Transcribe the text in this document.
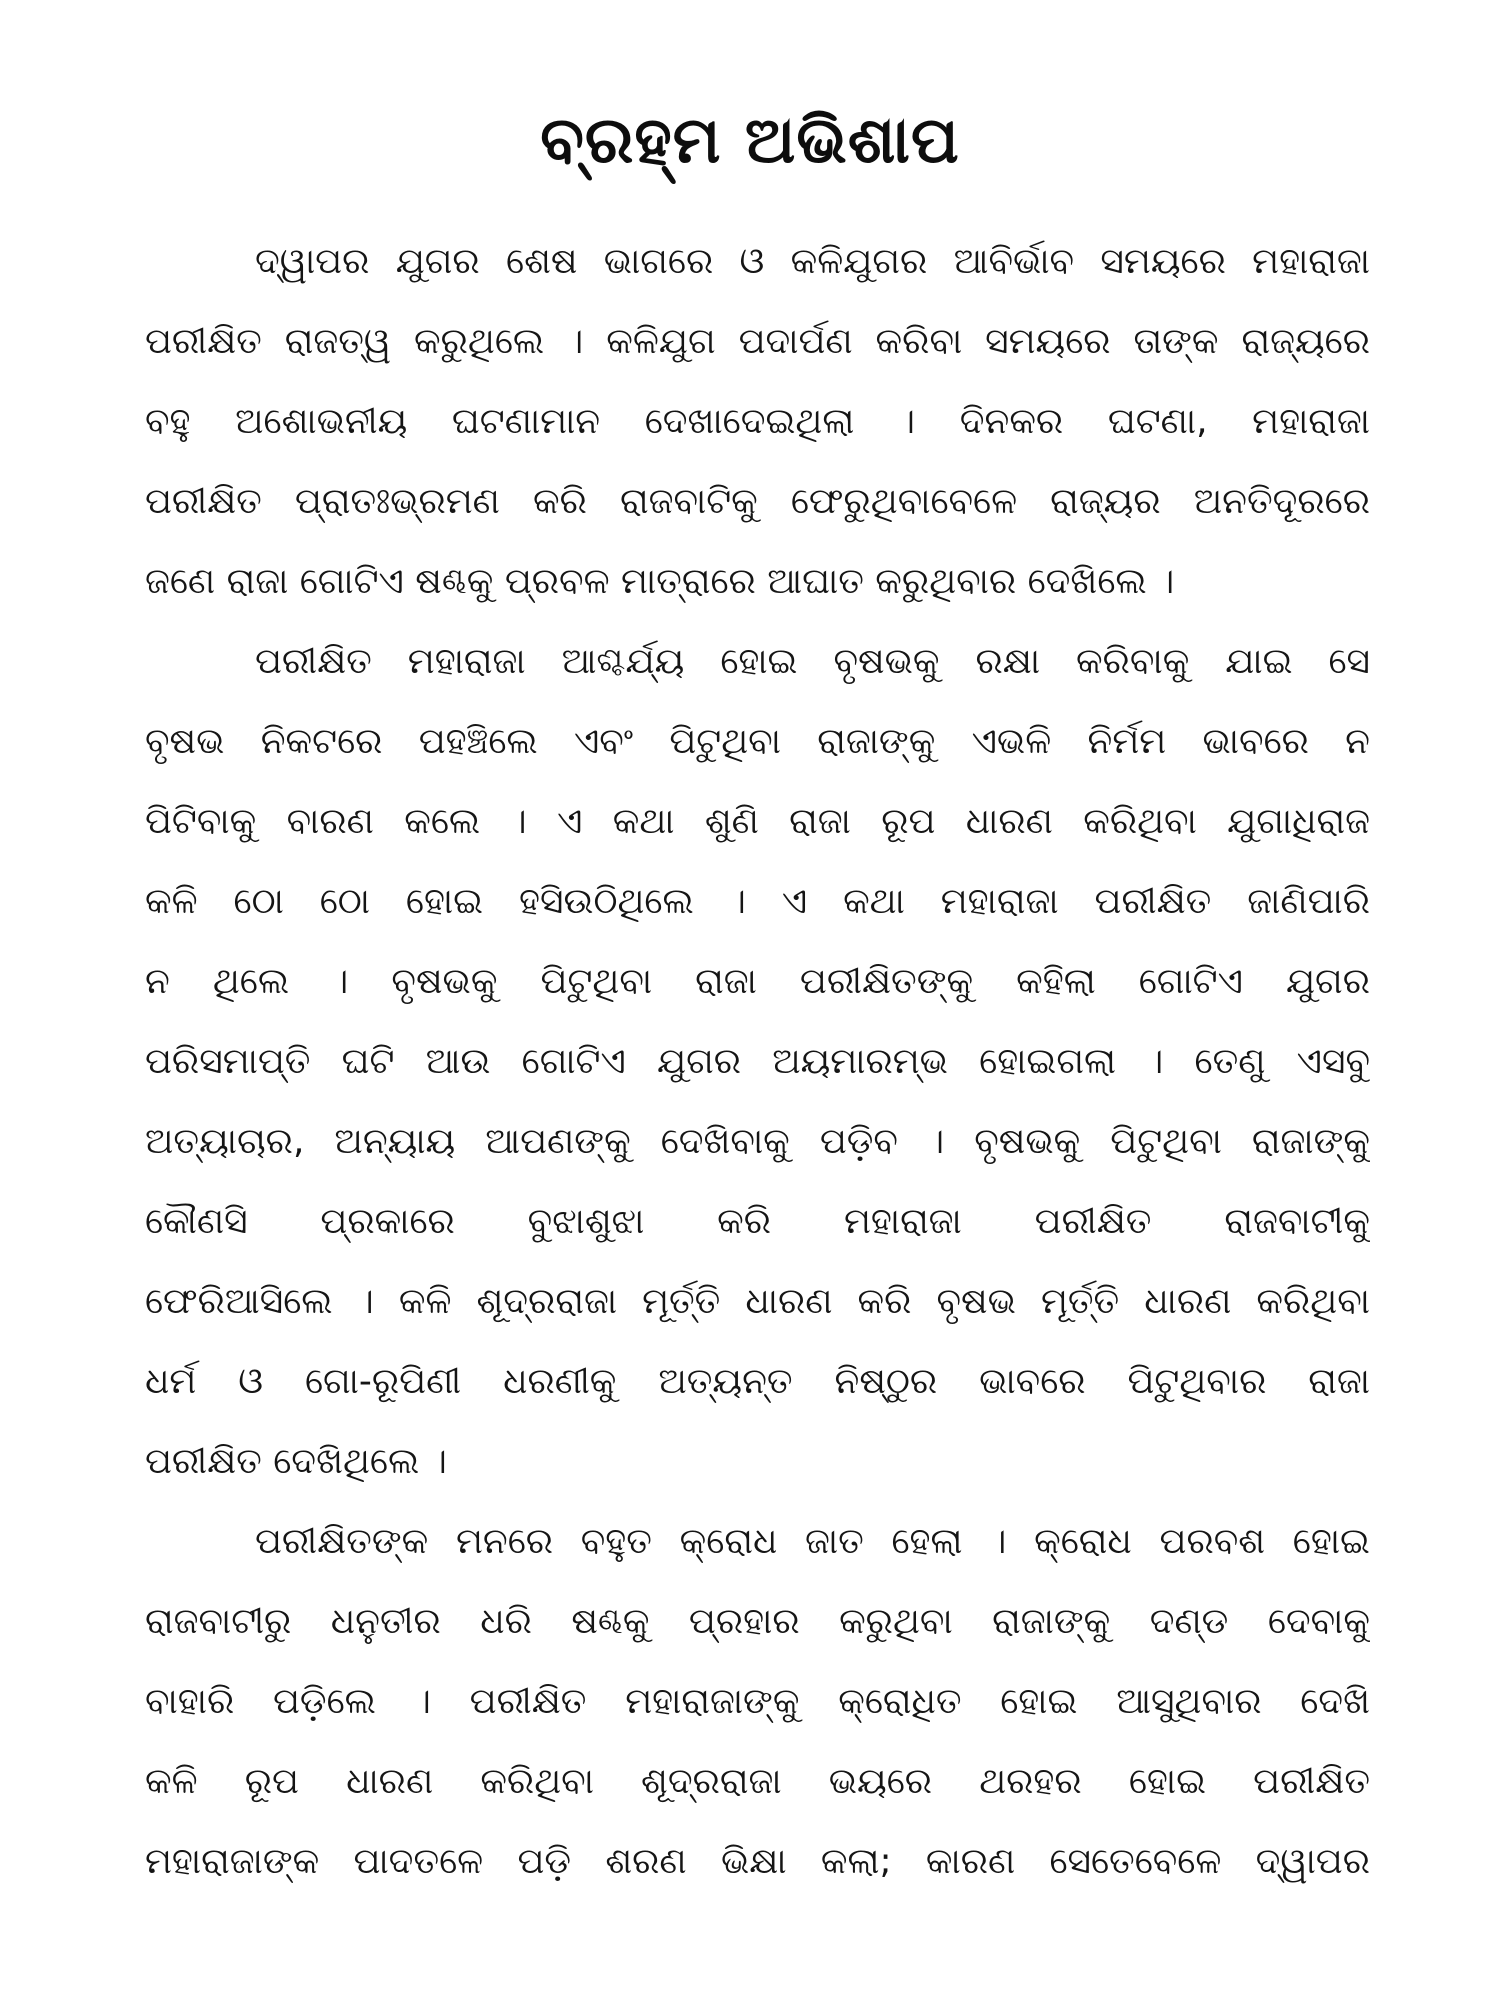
ବ୍ରହ୍ମ ଅଭିଶାପ
ଦ୍ୱାପର ଯୁଗର ଶେଷ ଭାଗରେ ଓ କଳିଯୁଗର ଆବିର୍ଭାବ ସମୟରେ ମହାରାଜା
ପରୀକ୍ଷିତ ରାଜତ୍ୱ କରୁଥିଲେ । କଳିଯୁଗ ପଦାର୍ପଣ କରିବା ସମୟରେ ତାଙ୍କ ରାଜ୍ୟରେ
ବହୁ ଅଶୋଭନୀୟ ଘଟଣାମାନ ଦେଖାଦେଇଥିଲା । ଦିନକର ଘଟଣା, ମହାରାଜା
ପରୀକ୍ଷିତ ପ୍ରାତଃଭ୍ରମଣ କରି ରାଜବାଟିକୁ ଫେରୁଥିବାବେଳେ ରାଜ୍ୟର ଅନତିଦୂରରେ
ଜଣେ ରାଜା ଗୋଟିଏ ଷଣ୍ଢକୁ ପ୍ରବଳ ମାତ୍ରାରେ ଆଘାତ କରୁଥିବାର ଦେଖିଲେ ।
ପରୀକ୍ଷିତ ମହାରାଜା ଆଶ୍ଚର୍ଯ୍ୟ ହୋଇ ବୃଷଭକୁ ରକ୍ଷା କରିବାକୁ ଯାଇ ସେ
ବୃଷଭ ନିକଟରେ ପହଞ୍ଚିଲେ ଏବଂ ପିଟୁଥିବା ରାଜାଙ୍କୁ ଏଭଳି ନିର୍ମମ ଭାବରେ ନ
ପିଟିବାକୁ ବାରଣ କଲେ । ଏ କଥା ଶୁଣି ରାଜା ରୂପ ଧାରଣ କରିଥିବା ଯୁଗାଧିରାଜ
କଳି ଠୋ ଠୋ ହୋଇ ହସିଉଠିଥିଲେ । ଏ କଥା ମହାରାଜା ପରୀକ୍ଷିତ ଜାଣିପାରି
ନ ଥିଲେ । ବୃଷଭକୁ ପିଟୁଥିବା ରାଜା ପରୀକ୍ଷିତଙ୍କୁ କହିଲା ଗୋଟିଏ ଯୁଗର
ପରିସମାପ୍ତି ଘଟି ଆଉ ଗୋଟିଏ ଯୁଗର ଅୟମାରମ୍ଭ ହୋଇଗଲା । ତେଣୁ ଏସବୁ
ଅତ୍ୟାଚାର, ଅନ୍ୟାୟ ଆପଣଙ୍କୁ ଦେଖିବାକୁ ପଡ଼ିବ । ବୃଷଭକୁ ପିଟୁଥିବା ରାଜାଙ୍କୁ
କୌଣସି ପ୍ରକାରେ ବୁଝାଶୁଝା କରି ମହାରାଜା ପରୀକ୍ଷିତ ରାଜବାଟୀକୁ
ଫେରିଆସିଲେ । କଳି ଶୂଦ୍ରରାଜା ମୂର୍ତ୍ତି ଧାରଣ କରି ବୃଷଭ ମୂର୍ତ୍ତି ଧାରଣ କରିଥିବା
ଧର୍ମ ଓ ଗୋ-ରୂପିଣୀ ଧରଣୀକୁ ଅତ୍ୟନ୍ତ ନିଷ୍ଠୁର ଭାବରେ ପିଟୁଥିବାର ରାଜା
ପରୀକ୍ଷିତ ଦେଖିଥିଲେ ।
ପରୀକ୍ଷିତଙ୍କ ମନରେ ବହୁତ କ୍ରୋଧ ଜାତ ହେଲା । କ୍ରୋଧ ପରବଶ ହୋଇ
ରାଜବାଟୀରୁ ଧନୁତୀର ଧରି ଷଣ୍ଢକୁ ପ୍ରହାର କରୁଥିବା ରାଜାଙ୍କୁ ଦଣ୍ଡ ଦେବାକୁ
ବାହାରି ପଡ଼ିଲେ । ପରୀକ୍ଷିତ ମହାରାଜାଙ୍କୁ କ୍ରୋଧିତ ହୋଇ ଆସୁଥିବାର ଦେଖି
କଳି ରୂପ ଧାରଣ କରିଥିବା ଶୂଦ୍ରରାଜା ଭୟରେ ଥରହର ହୋଇ ପରୀକ୍ଷିତ
ମହାରାଜାଙ୍କ ପାଦତଳେ ପଡ଼ି ଶରଣ ଭିକ୍ଷା କଲା; କାରଣ ସେତେବେଳେ ଦ୍ୱାପର
